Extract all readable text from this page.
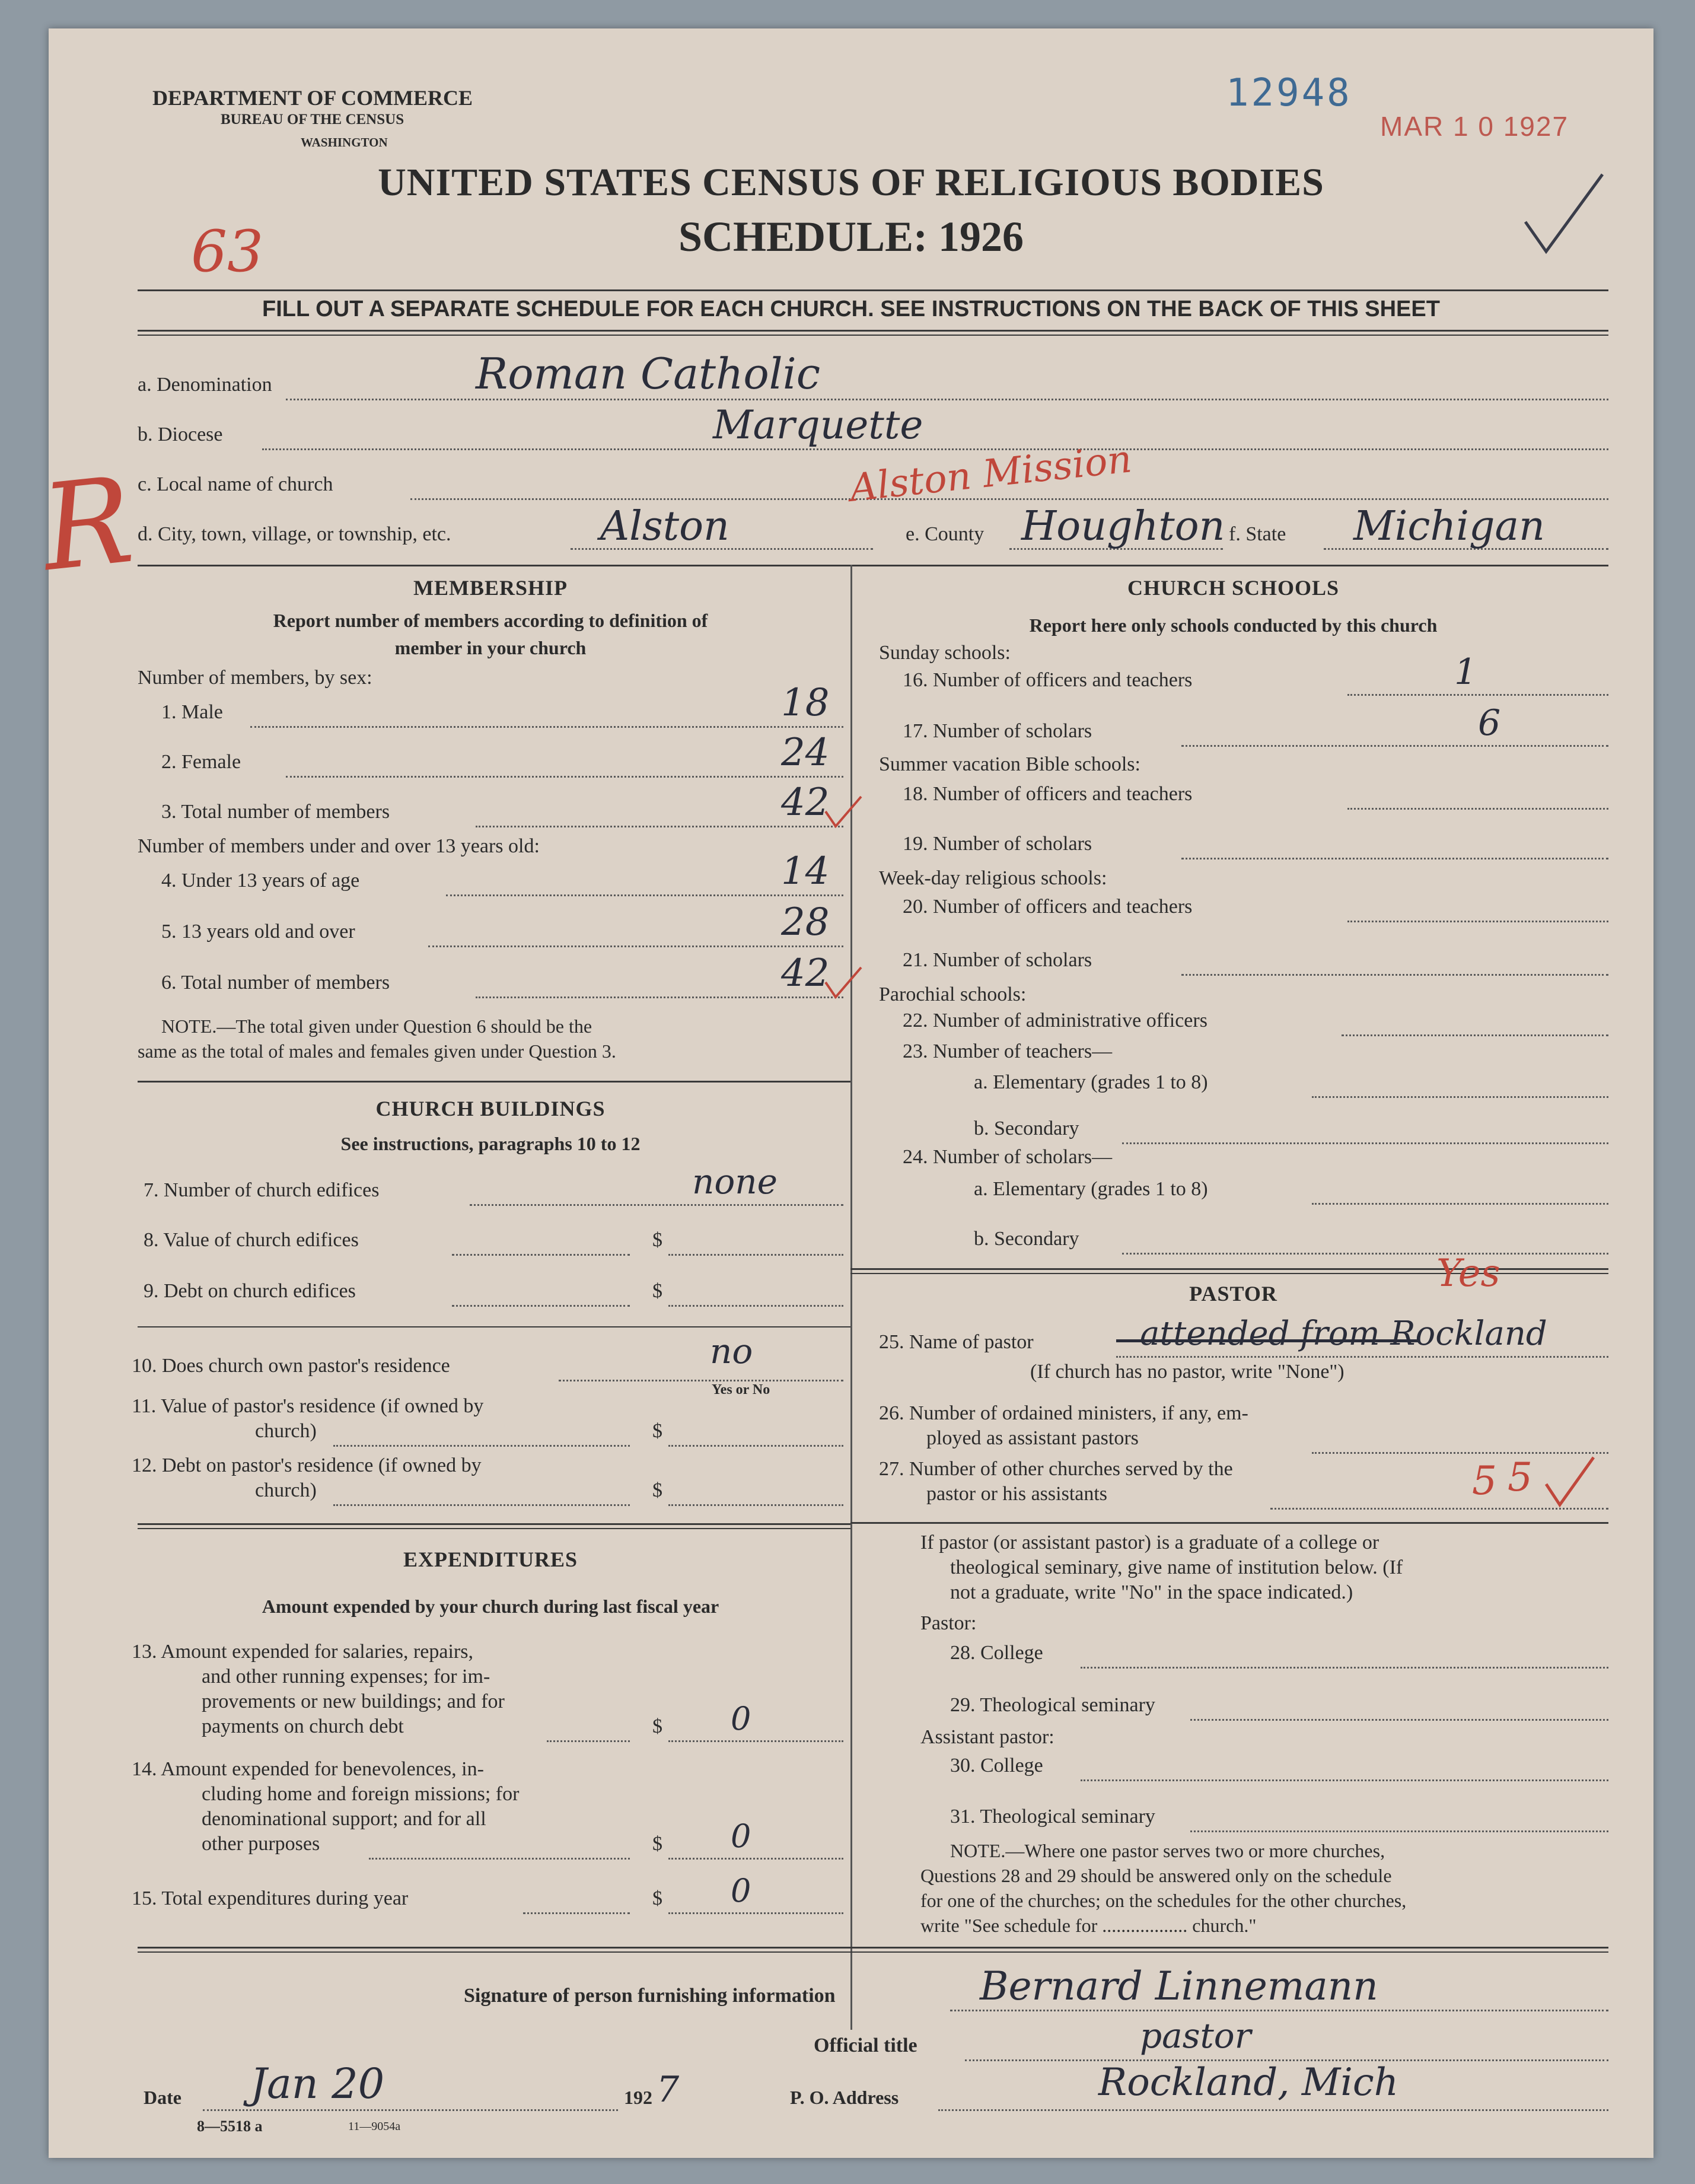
DEPARTMENT OF COMMERCE
BUREAU OF THE CENSUS
WASHINGTON
12948
MAR 1 0 1927
UNITED STATES CENSUS OF RELIGIOUS BODIES
SCHEDULE: 1926
63
FILL OUT A SEPARATE SCHEDULE FOR EACH CHURCH. SEE INSTRUCTIONS ON THE BACK OF THIS SHEET
R
a. Denomination	Roman Catholic
b. Diocese	Marquette
c. Local name of church	Alston Mission
d. City, town, village, or township, etc.	Alston	e. County Houghton f. State Michigan
MEMBERSHIP
Report number of members according to definition of
member in your church
Number of members, by sex:
1. Male	18
2. Female	24
3. Total number of members	42
Number of members under and over 13 years old:
4. Under 13 years of age	14
5. 13 years old and over	28
6. Total number of members	42
NOTE.—The total given under Question 6 should be the
same as the total of males and females given under Question 3.
CHURCH BUILDINGS
See instructions, paragraphs 10 to 12
7. Number of church edifices	none
8. Value of church edifices	$
9. Debt on church edifices	$
10. Does church own pastor's residence	no
Yes or No
11. Value of pastor's residence (if owned by
church)	$
12. Debt on pastor's residence (if owned by
church)	$
EXPENDITURES
Amount expended by your church during last fiscal year
13. Amount expended for salaries, repairs,
and other running expenses; for im-
provements or new buildings; and for
payments on church debt	$ 0
14. Amount expended for benevolences, in-
cluding home and foreign missions; for
denominational support; and for all
other purposes	$ 0
15. Total expenditures during year	$ 0
CHURCH SCHOOLS
Report here only schools conducted by this church
Sunday schools:
16. Number of officers and teachers	1
17. Number of scholars	6
Summer vacation Bible schools:
18. Number of officers and teachers
19. Number of scholars
Week-day religious schools:
20. Number of officers and teachers
21. Number of scholars
Parochial schools:
22. Number of administrative officers
23. Number of teachers—
a. Elementary (grades 1 to 8)
b. Secondary
24. Number of scholars—
a. Elementary (grades 1 to 8)
b. Secondary
PASTOR	Yes
25. Name of pastor	attended from Rockland
(If church has no pastor, write "None")
26. Number of ordained ministers, if any, em-
ployed as assistant pastors
27. Number of other churches served by the
pastor or his assistants	5 5
If pastor (or assistant pastor) is a graduate of a college or
theological seminary, give name of institution below. (If
not a graduate, write "No" in the space indicated.)
Pastor:
28. College
29. Theological seminary
Assistant pastor:
30. College
31. Theological seminary
NOTE.—Where one pastor serves two or more churches,
Questions 28 and 29 should be answered only on the schedule
for one of the churches; on the schedules for the other churches,
write "See schedule for .................. church."
Signature of person furnishing information	Bernard Linnemann
Official title	pastor
Date Jan 20	192 7	P. O. Address	Rockland, Mich
8—5518 a	11—9054a
